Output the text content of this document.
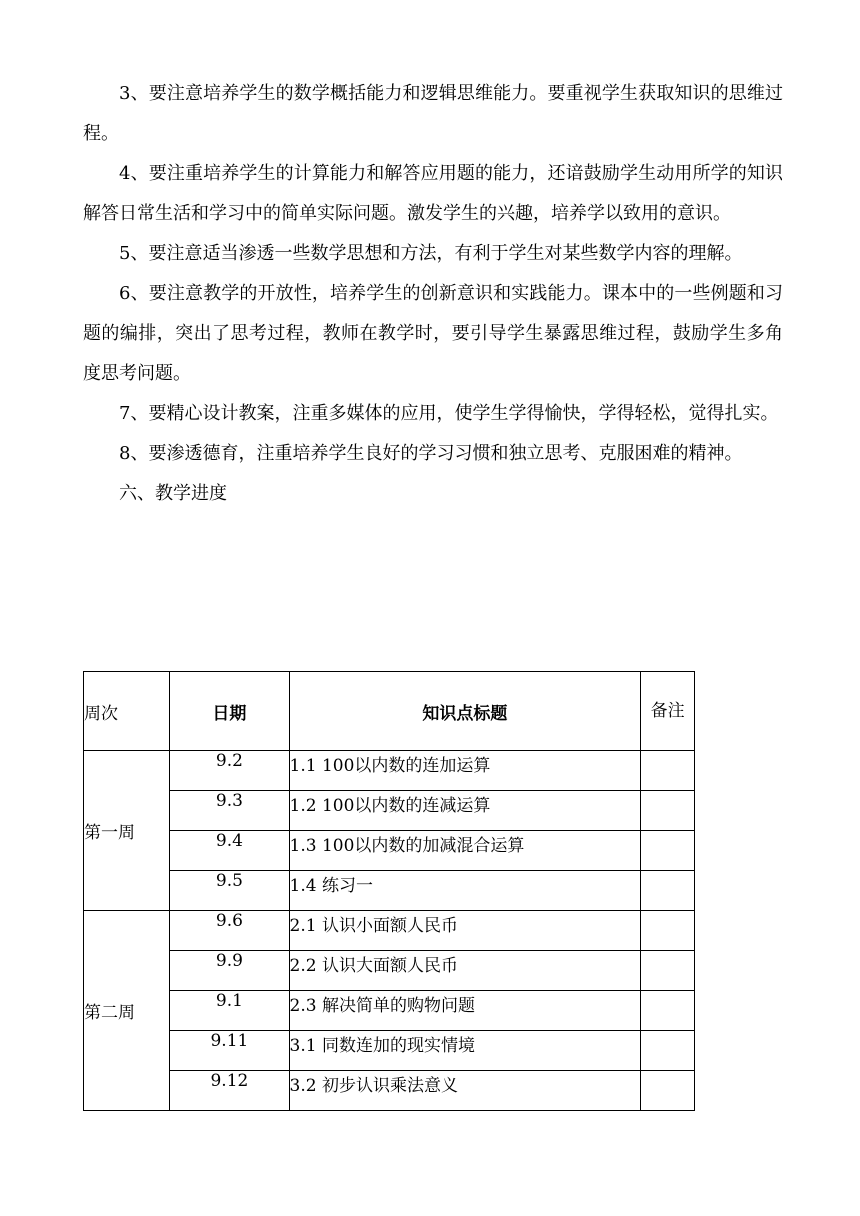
3、要注意培养学生的数学概括能力和逻辑思维能力。要重视学生获取知识的思维过程。

4、要注重培养学生的计算能力和解答应用题的能力，还谙鼓励学生动用所学的知识解答日常生活和学习中的简单实际问题。激发学生的兴趣，培养学以致用的意识。

5、要注意适当渗透一些数学思想和方法，有利于学生对某些数学内容的理解。

6、要注意教学的开放性，培养学生的创新意识和实践能力。课本中的一些例题和习题的编排，突出了思考过程，教师在教学时，要引导学生暴露思维过程，鼓励学生多角度思考问题。

7、要精心设计教案，注重多媒体的应用，使学生学得愉快，学得轻松，觉得扎实。

8、要渗透德育，注重培养学生良好的学习习惯和独立思考、克服困难的精神。

六、教学进度

周次	日期	知识点标题	备注
第一周	9.2	1.1 100以内数的连加运算	
	9.3	1.2 100以内数的连减运算	
	9.4	1.3 100以内数的加减混合运算	
	9.5	1.4 练习一	
第二周	9.6	2.1 认识小面额人民币	
	9.9	2.2 认识大面额人民币	
	9.1	2.3 解决简单的购物问题	
	9.11	3.1 同数连加的现实情境	
	9.12	3.2 初步认识乘法意义	
